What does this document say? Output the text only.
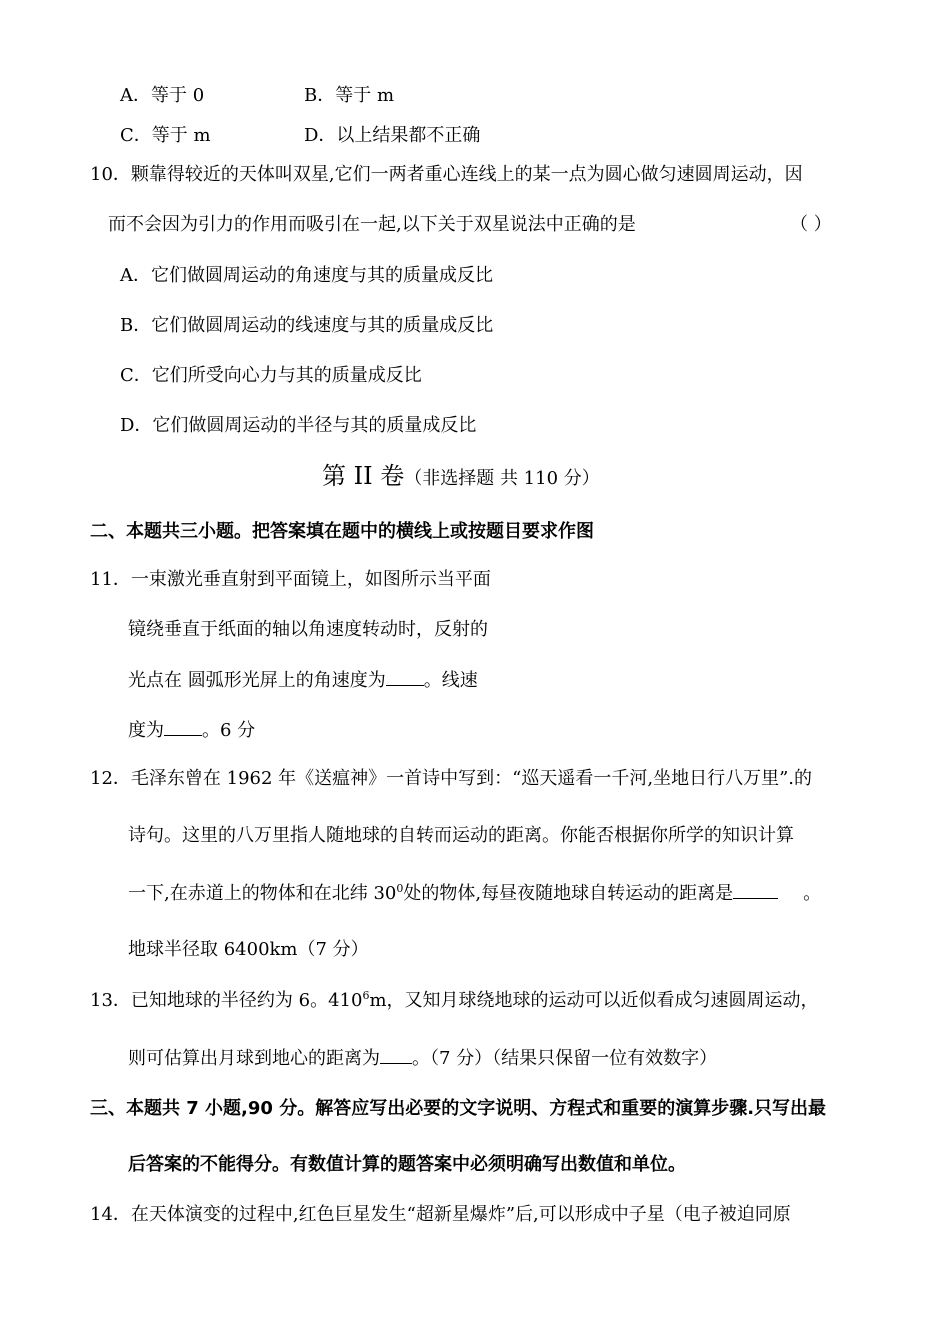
A．等于 0	B．等于 m
C．等于 m	D．以上结果都不正确
10．颗靠得较近的天体叫双星,它们一两者重心连线上的某一点为圆心做匀速圆周运动，因
而不会因为引力的作用而吸引在一起,以下关于双星说法中正确的是	（ ）
A．它们做圆周运动的角速度与其的质量成反比
B．它们做圆周运动的线速度与其的质量成反比
C．它们所受向心力与其的质量成反比
D．它们做圆周运动的半径与其的质量成反比
第 II 卷（非选择题 共 110 分）
二、本题共三小题。把答案填在题中的横线上或按题目要求作图
11．一束激光垂直射到平面镜上，如图所示当平面
镜绕垂直于纸面的轴以角速度转动时，反射的
光点在 圆弧形光屏上的角速度为 。线速
度为 。6 分
12．毛泽东曾在 1962 年《送瘟神》一首诗中写到：“巡天遥看一千河,坐地日行八万里”.的
诗句。这里的八万里指人随地球的自转而运动的距离。你能否根据你所学的知识计算
一下,在赤道上的物体和在北纬 $30^0$处的物体,每昼夜随地球自转运动的距离是	。
地球半径取 6400km（7 分）
13．已知地球的半径约为 6。$410^6m$，又知月球绕地球的运动可以近似看成匀速圆周运动，
则可估算出月球到地心的距离为 。（7 分）（结果只保留一位有效数字）
三、本题共 7 小题,90 分。解答应写出必要的文字说明、方程式和重要的演算步骤.只写出最
后答案的不能得分。有数值计算的题答案中必须明确写出数值和单位。
14．在天体演变的过程中,红色巨星发生“超新星爆炸”后,可以形成中子星（电子被迫同原
